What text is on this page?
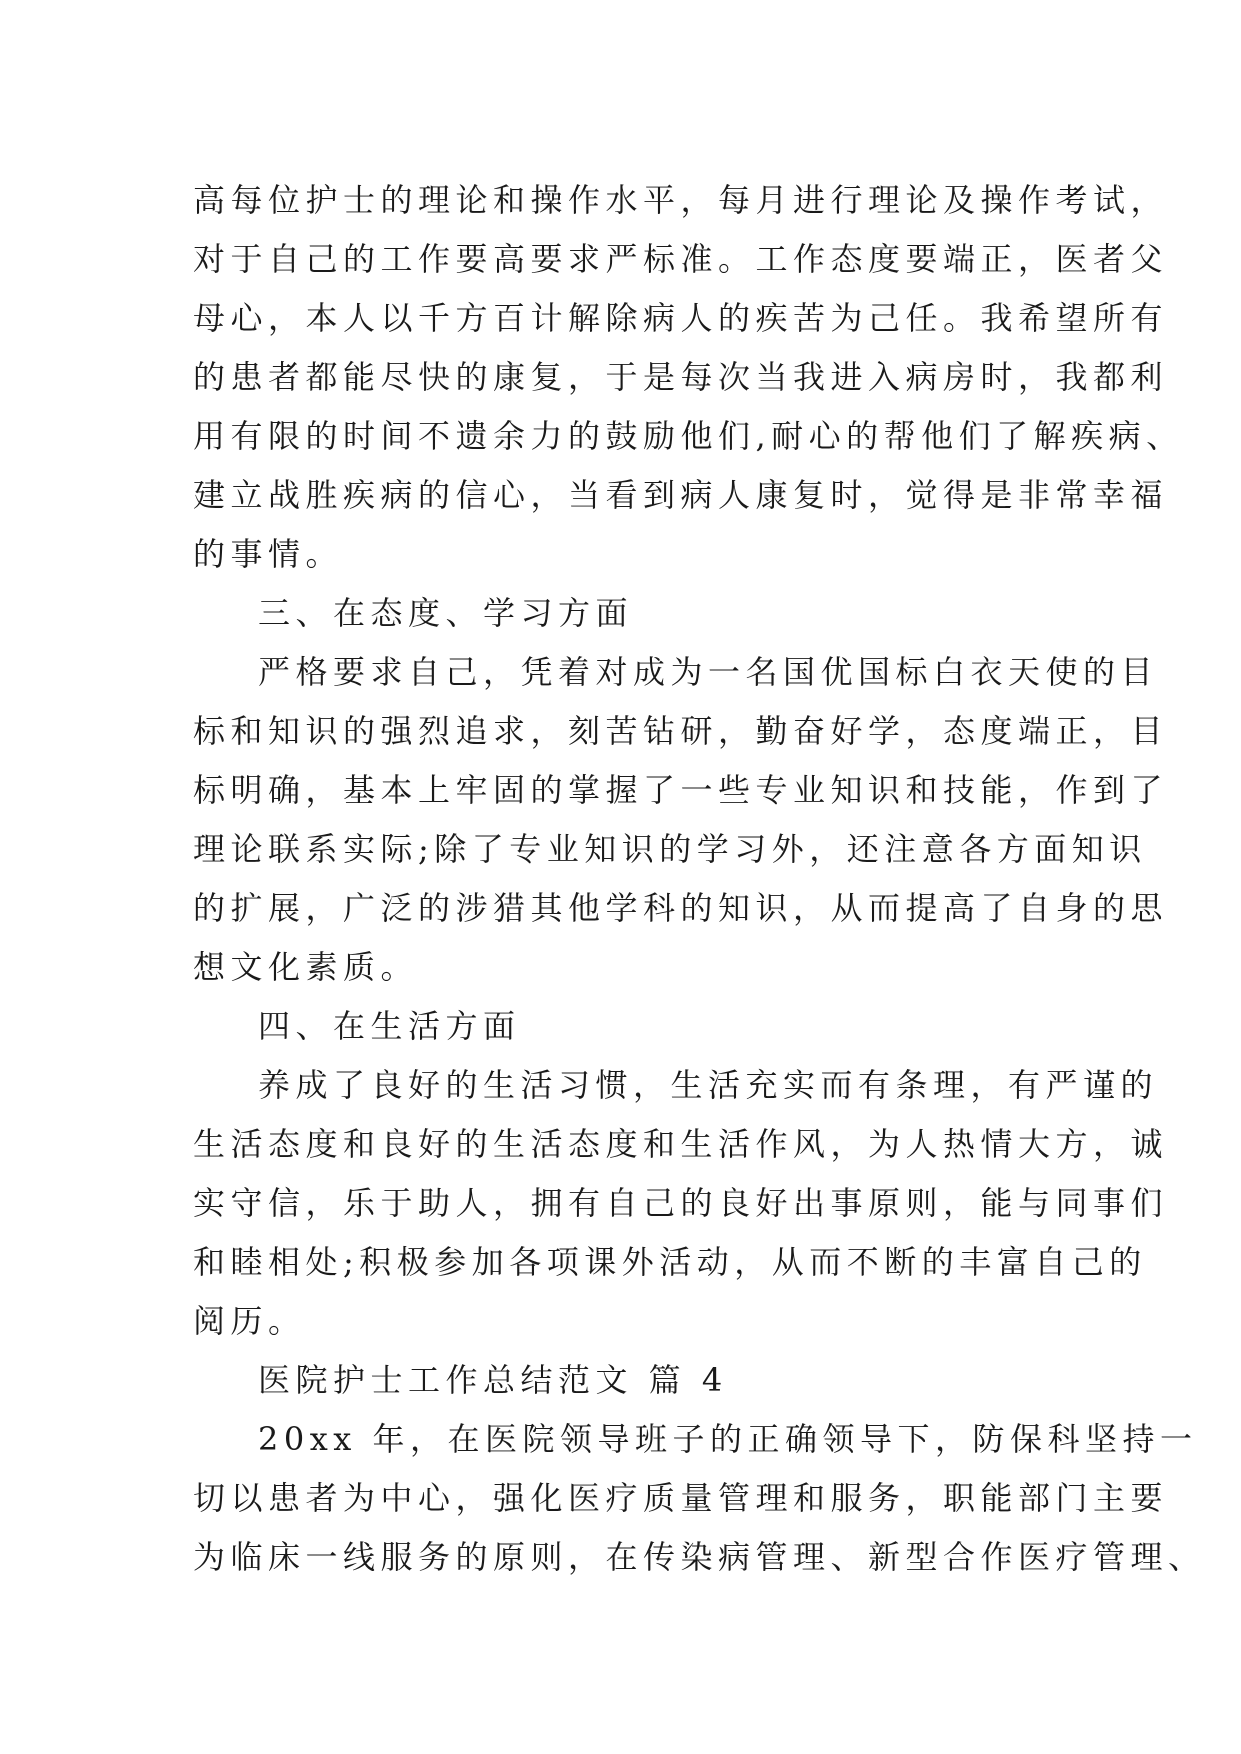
高每位护士的理论和操作水平，每月进行理论及操作考试，
对于自己的工作要高要求严标准。工作态度要端正，医者父
母心，本人以千方百计解除病人的疾苦为己任。我希望所有
的患者都能尽快的康复，于是每次当我进入病房时，我都利
用有限的时间不遗余力的鼓励他们,耐心的帮他们了解疾病、
建立战胜疾病的信心，当看到病人康复时，觉得是非常幸福
的事情。
三、在态度、学习方面
严格要求自己，凭着对成为一名国优国标白衣天使的目
标和知识的强烈追求，刻苦钻研，勤奋好学，态度端正，目
标明确，基本上牢固的掌握了一些专业知识和技能，作到了
理论联系实际;除了专业知识的学习外，还注意各方面知识
的扩展，广泛的涉猎其他学科的知识，从而提高了自身的思
想文化素质。
四、在生活方面
养成了良好的生活习惯，生活充实而有条理，有严谨的
生活态度和良好的生活态度和生活作风，为人热情大方，诚
实守信，乐于助人，拥有自己的良好出事原则，能与同事们
和睦相处;积极参加各项课外活动，从而不断的丰富自己的
阅历。
医院护士工作总结范文 篇 4
20xx 年，在医院领导班子的正确领导下，防保科坚持一
切以患者为中心，强化医疗质量管理和服务，职能部门主要
为临床一线服务的原则，在传染病管理、新型合作医疗管理、
